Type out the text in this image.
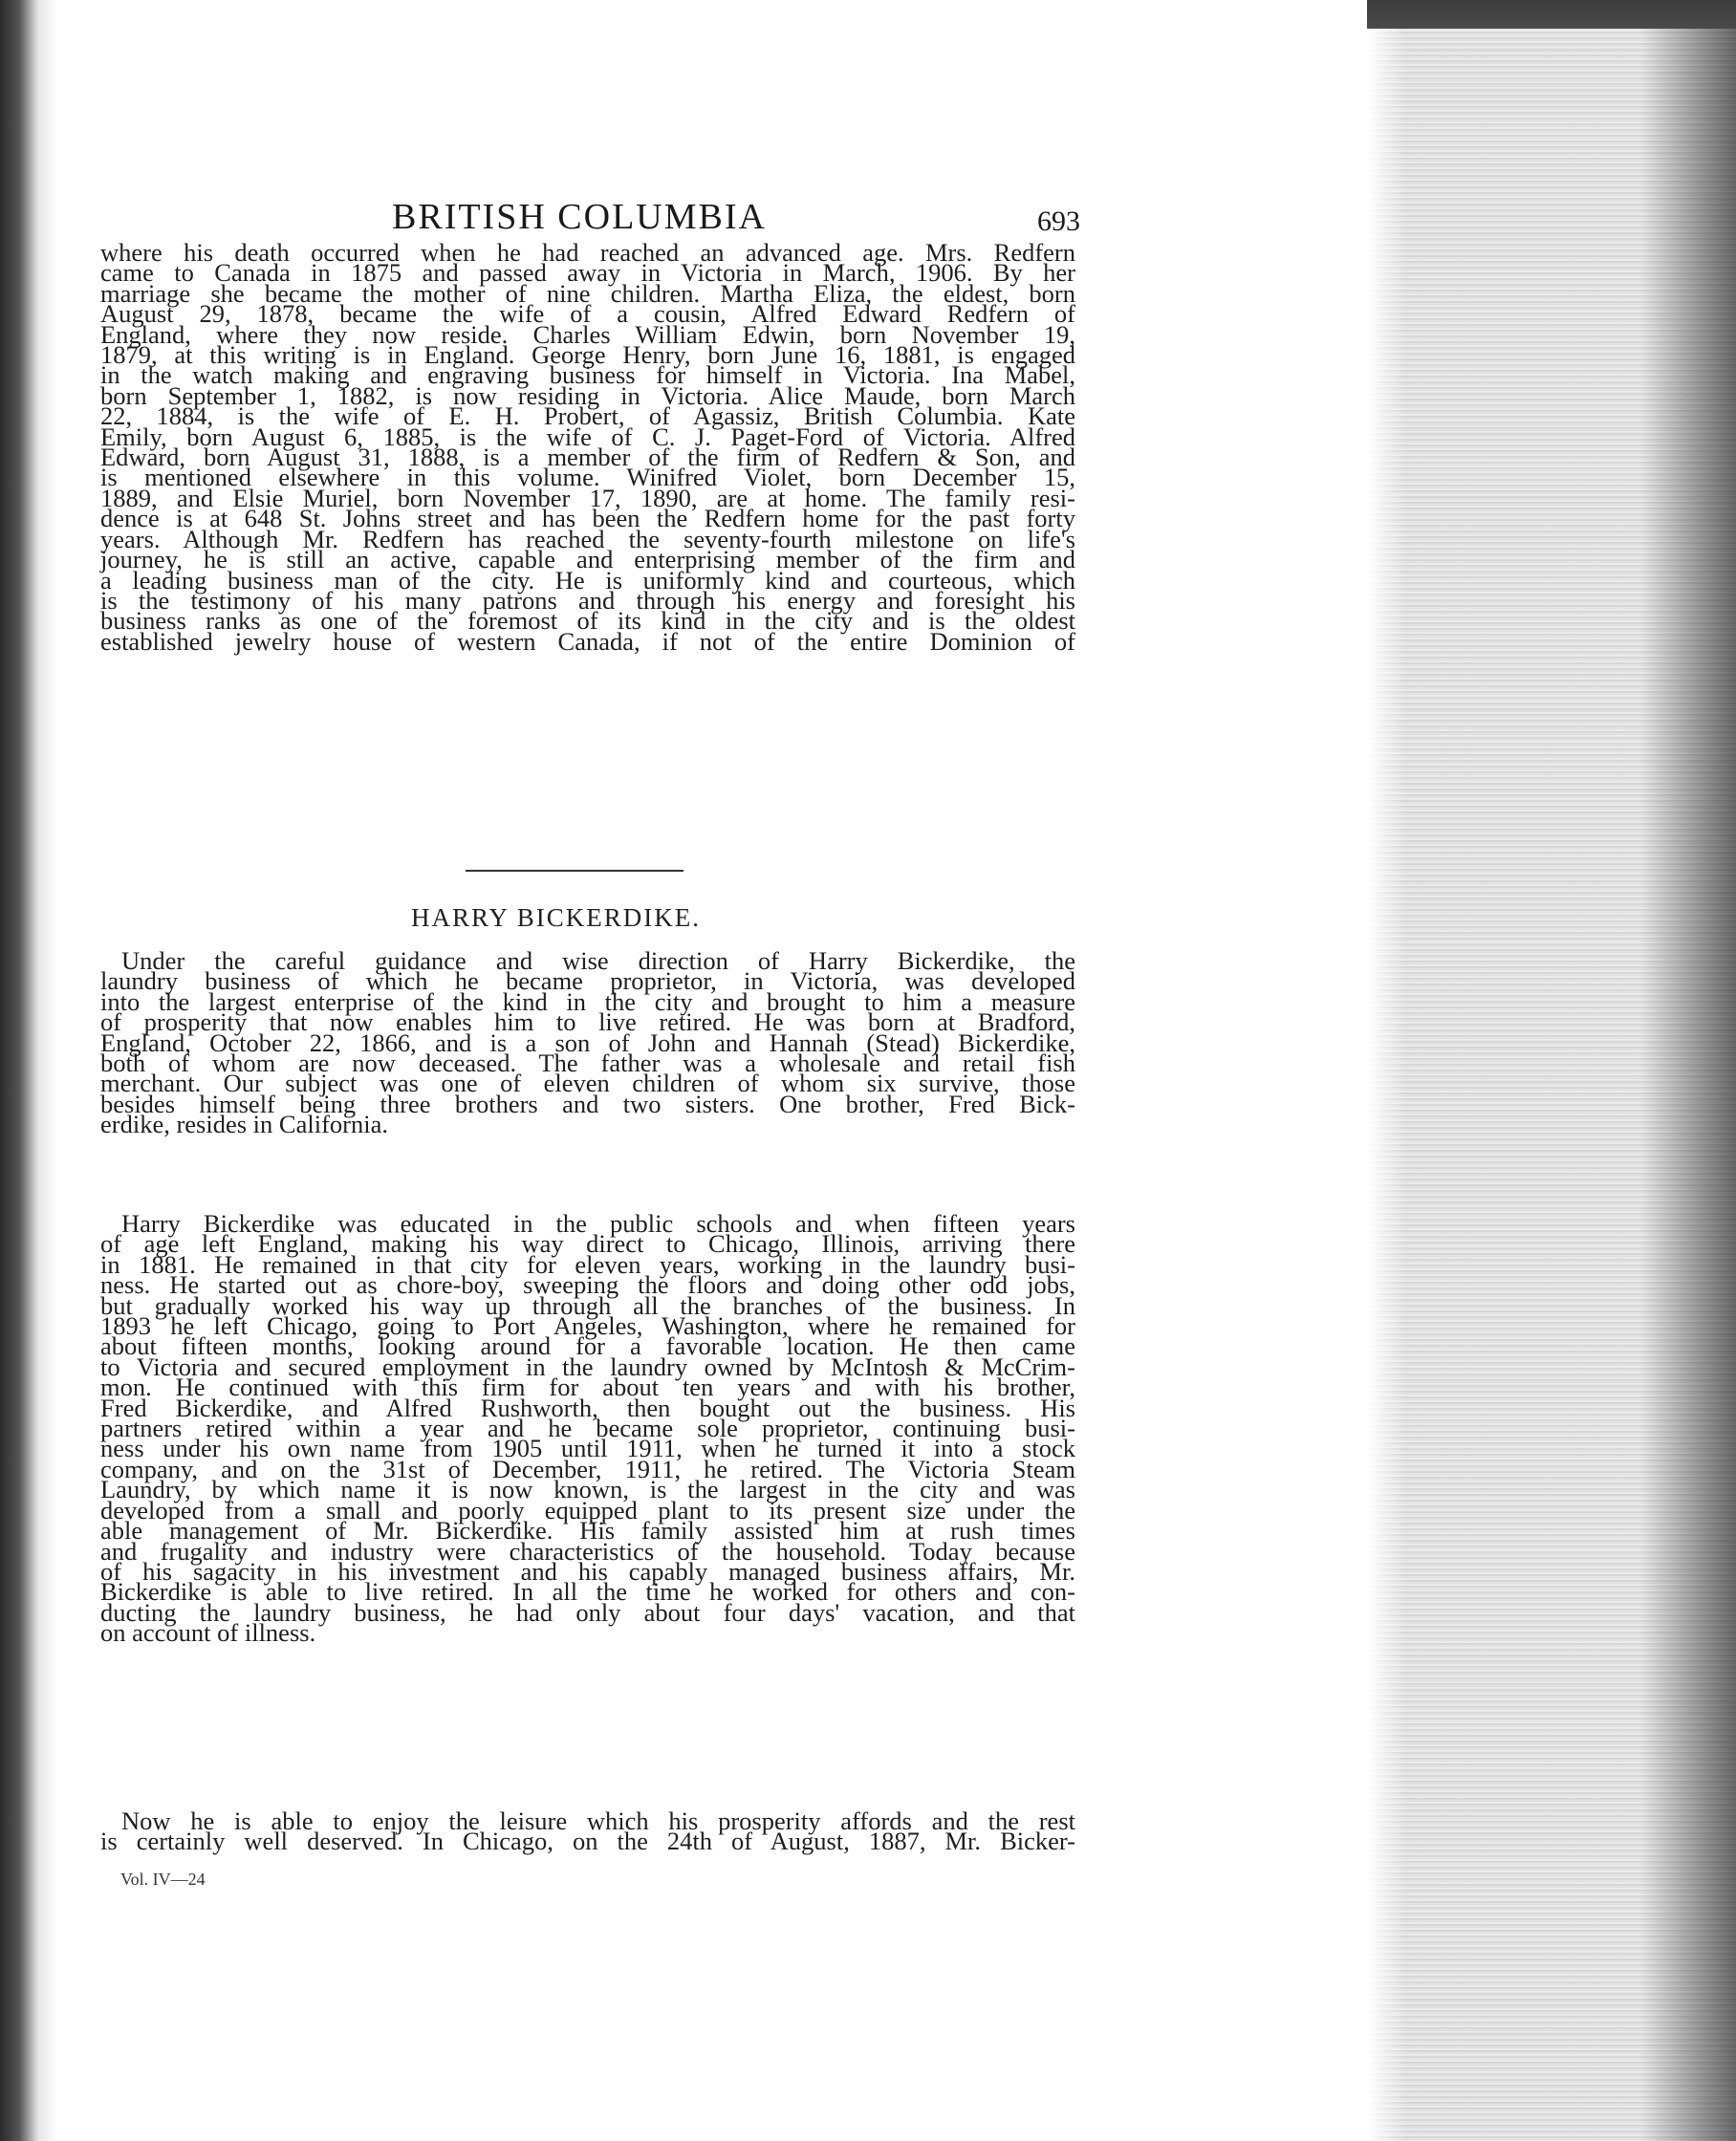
BRITISH COLUMBIA	693
where his death occurred when he had reached an advanced age. Mrs. Redfern
came to Canada in 1875 and passed away in Victoria in March, 1906. By her
marriage she became the mother of nine children. Martha Eliza, the eldest, born
August 29, 1878, became the wife of a cousin, Alfred Edward Redfern of
England, where they now reside. Charles William Edwin, born November 19,
1879, at this writing is in England. George Henry, born June 16, 1881, is engaged
in the watch making and engraving business for himself in Victoria. Ina Mabel,
born September 1, 1882, is now residing in Victoria. Alice Maude, born March
22, 1884, is the wife of E. H. Probert, of Agassiz, British Columbia. Kate
Emily, born August 6, 1885, is the wife of C. J. Paget-Ford of Victoria. Alfred
Edward, born August 31, 1888, is a member of the firm of Redfern & Son, and
is mentioned elsewhere in this volume. Winifred Violet, born December 15,
1889, and Elsie Muriel, born November 17, 1890, are at home. The family resi-
dence is at 648 St. Johns street and has been the Redfern home for the past forty
years. Although Mr. Redfern has reached the seventy-fourth milestone on life's
journey, he is still an active, capable and enterprising member of the firm and
a leading business man of the city. He is uniformly kind and courteous, which
is the testimony of his many patrons and through his energy and foresight his
business ranks as one of the foremost of its kind in the city and is the oldest
established jewelry house of western Canada, if not of the entire Dominion of
HARRY BICKERDIKE.
Under the careful guidance and wise direction of Harry Bickerdike, the
laundry business of which he became proprietor, in Victoria, was developed
into the largest enterprise of the kind in the city and brought to him a measure
of prosperity that now enables him to live retired. He was born at Bradford,
England, October 22, 1866, and is a son of John and Hannah (Stead) Bickerdike,
both of whom are now deceased. The father was a wholesale and retail fish
merchant. Our subject was one of eleven children of whom six survive, those
besides himself being three brothers and two sisters. One brother, Fred Bick-
erdike, resides in California.
Harry Bickerdike was educated in the public schools and when fifteen years
of age left England, making his way direct to Chicago, Illinois, arriving there
in 1881. He remained in that city for eleven years, working in the laundry busi-
ness. He started out as chore-boy, sweeping the floors and doing other odd jobs,
but gradually worked his way up through all the branches of the business. In
1893 he left Chicago, going to Port Angeles, Washington, where he remained for
about fifteen months, looking around for a favorable location. He then came
to Victoria and secured employment in the laundry owned by McIntosh & McCrim-
mon. He continued with this firm for about ten years and with his brother,
Fred Bickerdike, and Alfred Rushworth, then bought out the business. His
partners retired within a year and he became sole proprietor, continuing busi-
ness under his own name from 1905 until 1911, when he turned it into a stock
company, and on the 31st of December, 1911, he retired. The Victoria Steam
Laundry, by which name it is now known, is the largest in the city and was
developed from a small and poorly equipped plant to its present size under the
able management of Mr. Bickerdike. His family assisted him at rush times
and frugality and industry were characteristics of the household. Today because
of his sagacity in his investment and his capably managed business affairs, Mr.
Bickerdike is able to live retired. In all the time he worked for others and con-
ducting the laundry business, he had only about four days' vacation, and that
on account of illness.
Now he is able to enjoy the leisure which his prosperity affords and the rest
is certainly well deserved. In Chicago, on the 24th of August, 1887, Mr. Bicker-
Vol. IV—24
